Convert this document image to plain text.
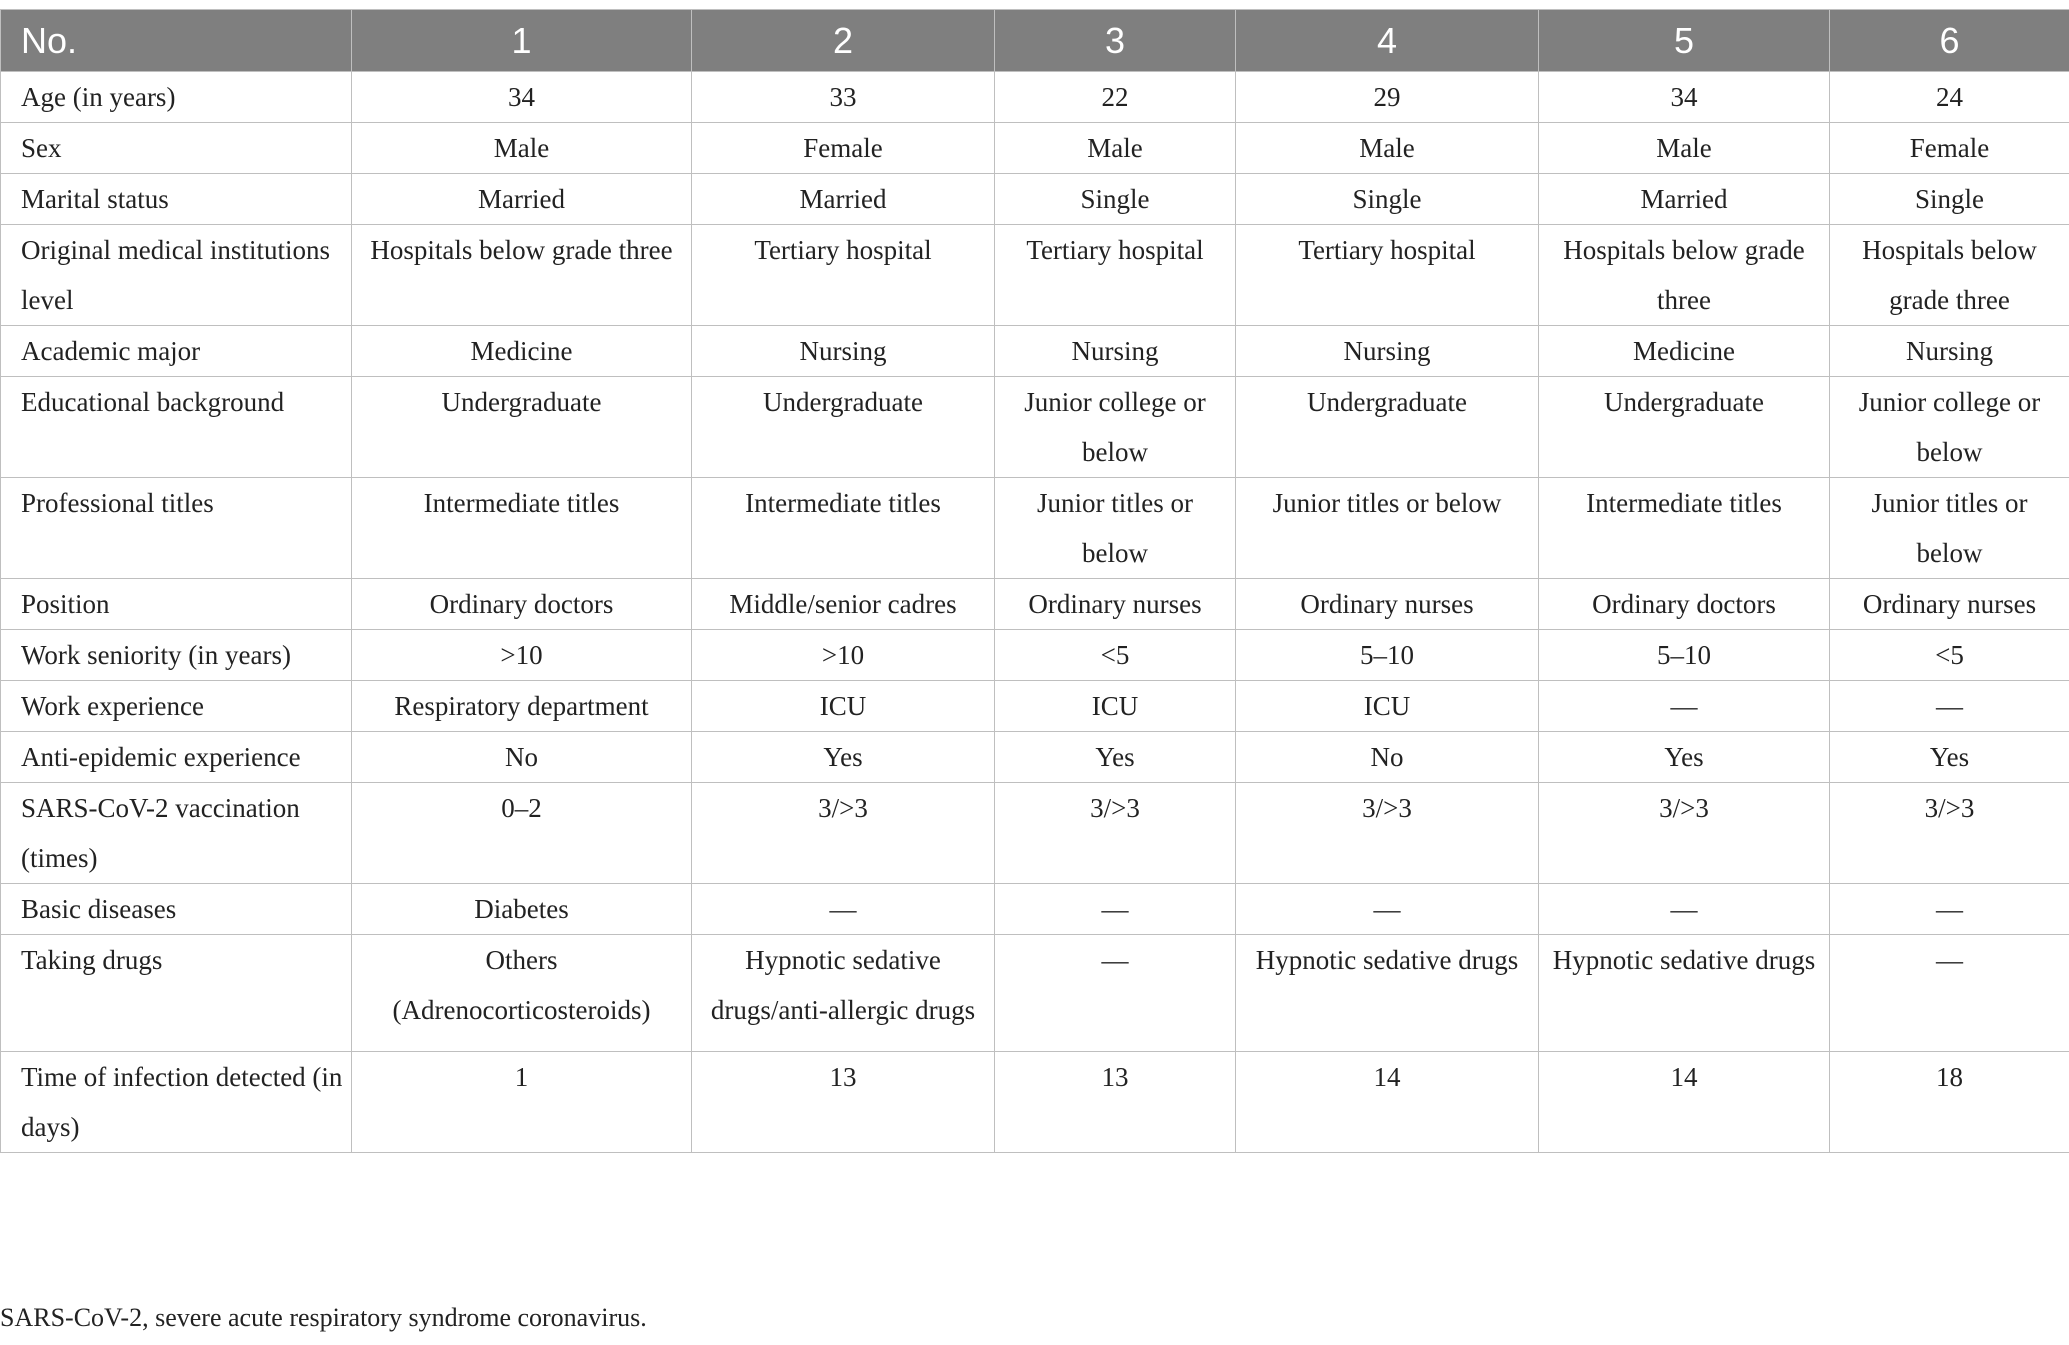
No.	1	2	3	4	5	6
Age (in years)	34	33	22	29	34	24
Sex	Male	Female	Male	Male	Male	Female
Marital status	Married	Married	Single	Single	Married	Single
Original medical institutions level	Hospitals below grade three	Tertiary hospital	Tertiary hospital	Tertiary hospital	Hospitals below grade three	Hospitals below grade three
Academic major	Medicine	Nursing	Nursing	Nursing	Medicine	Nursing
Educational background	Undergraduate	Undergraduate	Junior college or below	Undergraduate	Undergraduate	Junior college or below
Professional titles	Intermediate titles	Intermediate titles	Junior titles or below	Junior titles or below	Intermediate titles	Junior titles or below
Position	Ordinary doctors	Middle/senior cadres	Ordinary nurses	Ordinary nurses	Ordinary doctors	Ordinary nurses
Work seniority (in years)	>10	>10	<5	5–10	5–10	<5
Work experience	Respiratory department	ICU	ICU	ICU	—	—
Anti-epidemic experience	No	Yes	Yes	No	Yes	Yes
SARS-CoV-2 vaccination (times)	0–2	3/>3	3/>3	3/>3	3/>3	3/>3
Basic diseases	Diabetes	—	—	—	—	—
Taking drugs	Others (Adrenocorticosteroids)	Hypnotic sedative drugs/anti-allergic drugs	—	Hypnotic sedative drugs	Hypnotic sedative drugs	—
Time of infection detected (in days)	1	13	13	14	14	18
SARS-CoV-2, severe acute respiratory syndrome coronavirus.
